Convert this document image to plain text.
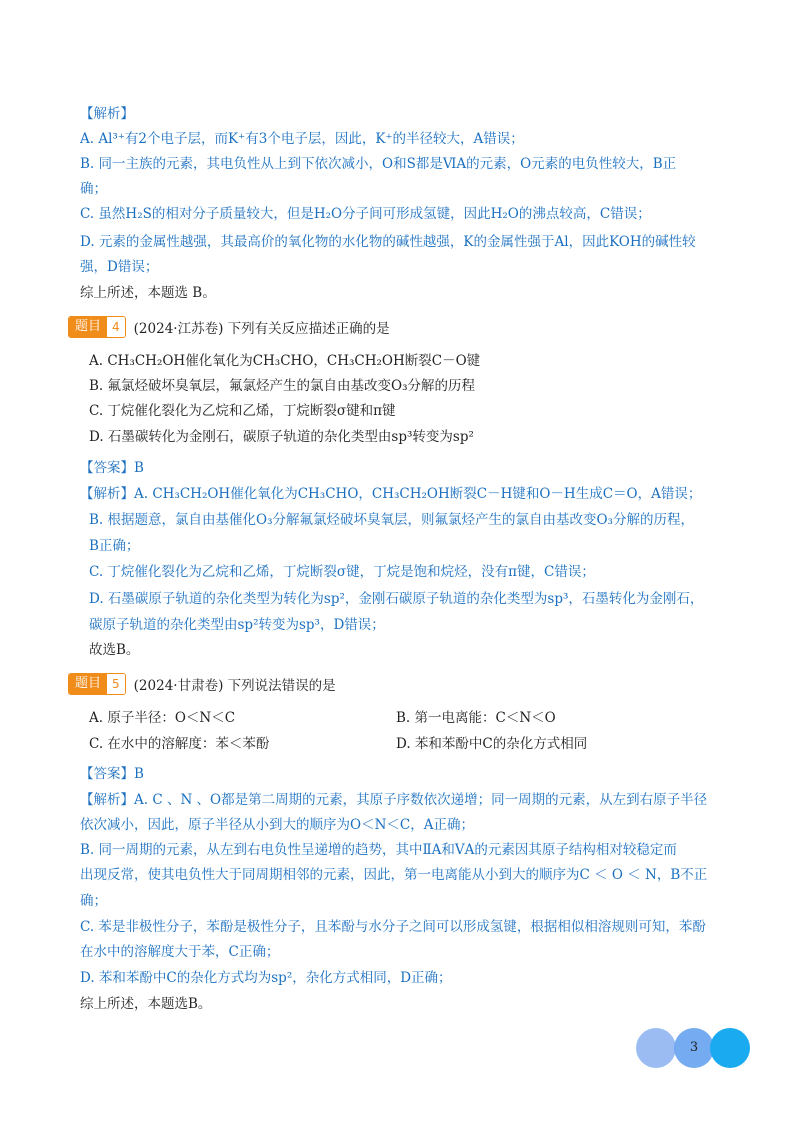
【解析】
A. Al³⁺有2个电子层，而K⁺有3个电子层，因此，K⁺的半径较大，A错误；
B. 同一主族的元素，其电负性从上到下依次减小，O和S都是ⅥA的元素，O元素的电负性较大，B正
确；
C. 虽然H₂S的相对分子质量较大，但是H₂O分子间可形成氢键，因此H₂O的沸点较高，C错误；
D. 元素的金属性越强，其最高价的氧化物的水化物的碱性越强，K的金属性强于Al，因此KOH的碱性较
强，D错误；
综上所述，本题选 B。
题目 4	(2024·江苏卷) 下列有关反应描述正确的是
A. CH₃CH₂OH催化氧化为CH₃CHO，CH₃CH₂OH断裂C－O键
B. 氟氯烃破坏臭氧层，氟氯烃产生的氯自由基改变O₃分解的历程
C. 丁烷催化裂化为乙烷和乙烯，丁烷断裂σ键和π键
D. 石墨碳转化为金刚石，碳原子轨道的杂化类型由sp³转变为sp²
【答案】B
【解析】A. CH₃CH₂OH催化氧化为CH₃CHO，CH₃CH₂OH断裂C－H键和O－H生成C＝O，A错误；
B. 根据题意，氯自由基催化O₃分解氟氯烃破坏臭氧层，则氟氯烃产生的氯自由基改变O₃分解的历程，
B正确；
C. 丁烷催化裂化为乙烷和乙烯，丁烷断裂σ键，丁烷是饱和烷烃，没有π键，C错误；
D. 石墨碳原子轨道的杂化类型为转化为sp²，金刚石碳原子轨道的杂化类型为sp³，石墨转化为金刚石，
碳原子轨道的杂化类型由sp²转变为sp³，D错误；
故选B。
题目 5	(2024·甘肃卷) 下列说法错误的是
A. 原子半径：O＜N＜C	B. 第一电离能：C＜N＜O
C. 在水中的溶解度：苯＜苯酚	D. 苯和苯酚中C的杂化方式相同
【答案】B
【解析】A. C 、N 、O都是第二周期的元素，其原子序数依次递增；同一周期的元素，从左到右原子半径
依次减小，因此，原子半径从小到大的顺序为O＜N＜C，A正确；
B. 同一周期的元素，从左到右电负性呈递增的趋势，其中ⅡA和ⅤA的元素因其原子结构相对较稳定而
出现反常，使其电负性大于同周期相邻的元素，因此，第一电离能从小到大的顺序为C ＜ O ＜ N，B不正
确；
C. 苯是非极性分子，苯酚是极性分子，且苯酚与水分子之间可以形成氢键，根据相似相溶规则可知，苯酚
在水中的溶解度大于苯，C正确；
D. 苯和苯酚中C的杂化方式均为sp²，杂化方式相同，D正确；
综上所述，本题选B。
3
